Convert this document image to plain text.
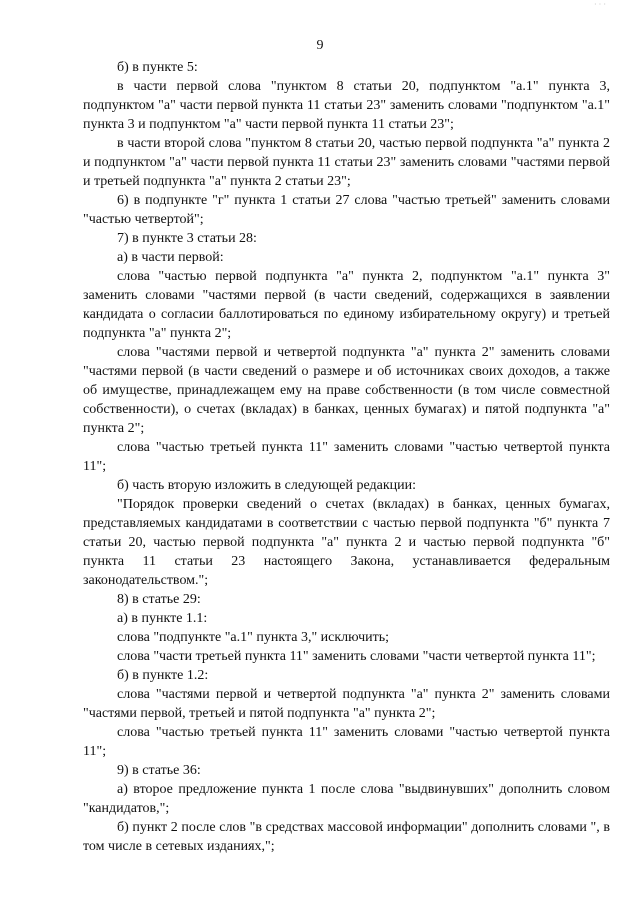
· · ·
9

б) в пункте 5:

в части первой слова "пунктом 8 статьи 20, подпунктом "а.1" пункта 3, подпунктом "а" части первой пункта 11 статьи 23" заменить словами "подпунктом "а.1" пункта 3 и подпунктом "а" части первой пункта 11 статьи 23";

в части второй слова "пунктом 8 статьи 20, частью первой подпункта "а" пункта 2 и подпунктом "а" части первой пункта 11 статьи 23" заменить словами "частями первой и третьей подпункта "а" пункта 2 статьи 23";

6) в подпункте "г" пункта 1 статьи 27 слова "частью третьей" заменить словами "частью четвертой";

7) в пункте 3 статьи 28:

а) в части первой:

слова "частью первой подпункта "а" пункта 2, подпунктом "а.1" пункта 3" заменить словами "частями первой (в части сведений, содержащихся в заявлении кандидата о согласии баллотироваться по единому избирательному округу) и третьей подпункта "а" пункта 2";

слова "частями первой и четвертой подпункта "а" пункта 2" заменить словами "частями первой (в части сведений о размере и об источниках своих доходов, а также об имуществе, принадлежащем ему на праве собственности (в том числе совместной собственности), о счетах (вкладах) в банках, ценных бумагах) и пятой подпункта "а" пункта 2";

слова "частью третьей пункта 11" заменить словами "частью четвертой пункта 11";

б) часть вторую изложить в следующей редакции:

"Порядок проверки сведений о счетах (вкладах) в банках, ценных бумагах, представляемых кандидатами в соответствии с частью первой подпункта "б" пункта 7 статьи 20, частью первой подпункта "а" пункта 2 и частью первой подпункта "б" пункта 11 статьи 23 настоящего Закона, устанавливается федеральным законодательством.";

8) в статье 29:

а) в пункте 1.1:

слова "подпункте "а.1" пункта 3," исключить;

слова "части третьей пункта 11" заменить словами "части четвертой пункта 11";

б) в пункте 1.2:

слова "частями первой и четвертой подпункта "а" пункта 2" заменить словами "частями первой, третьей и пятой подпункта "а" пункта 2";

слова "частью третьей пункта 11" заменить словами "частью четвертой пункта 11";

9) в статье 36:

а) второе предложение пункта 1 после слова "выдвинувших" дополнить словом "кандидатов,";

б) пункт 2 после слов "в средствах массовой информации" дополнить словами ", в том числе в сетевых изданиях,";
